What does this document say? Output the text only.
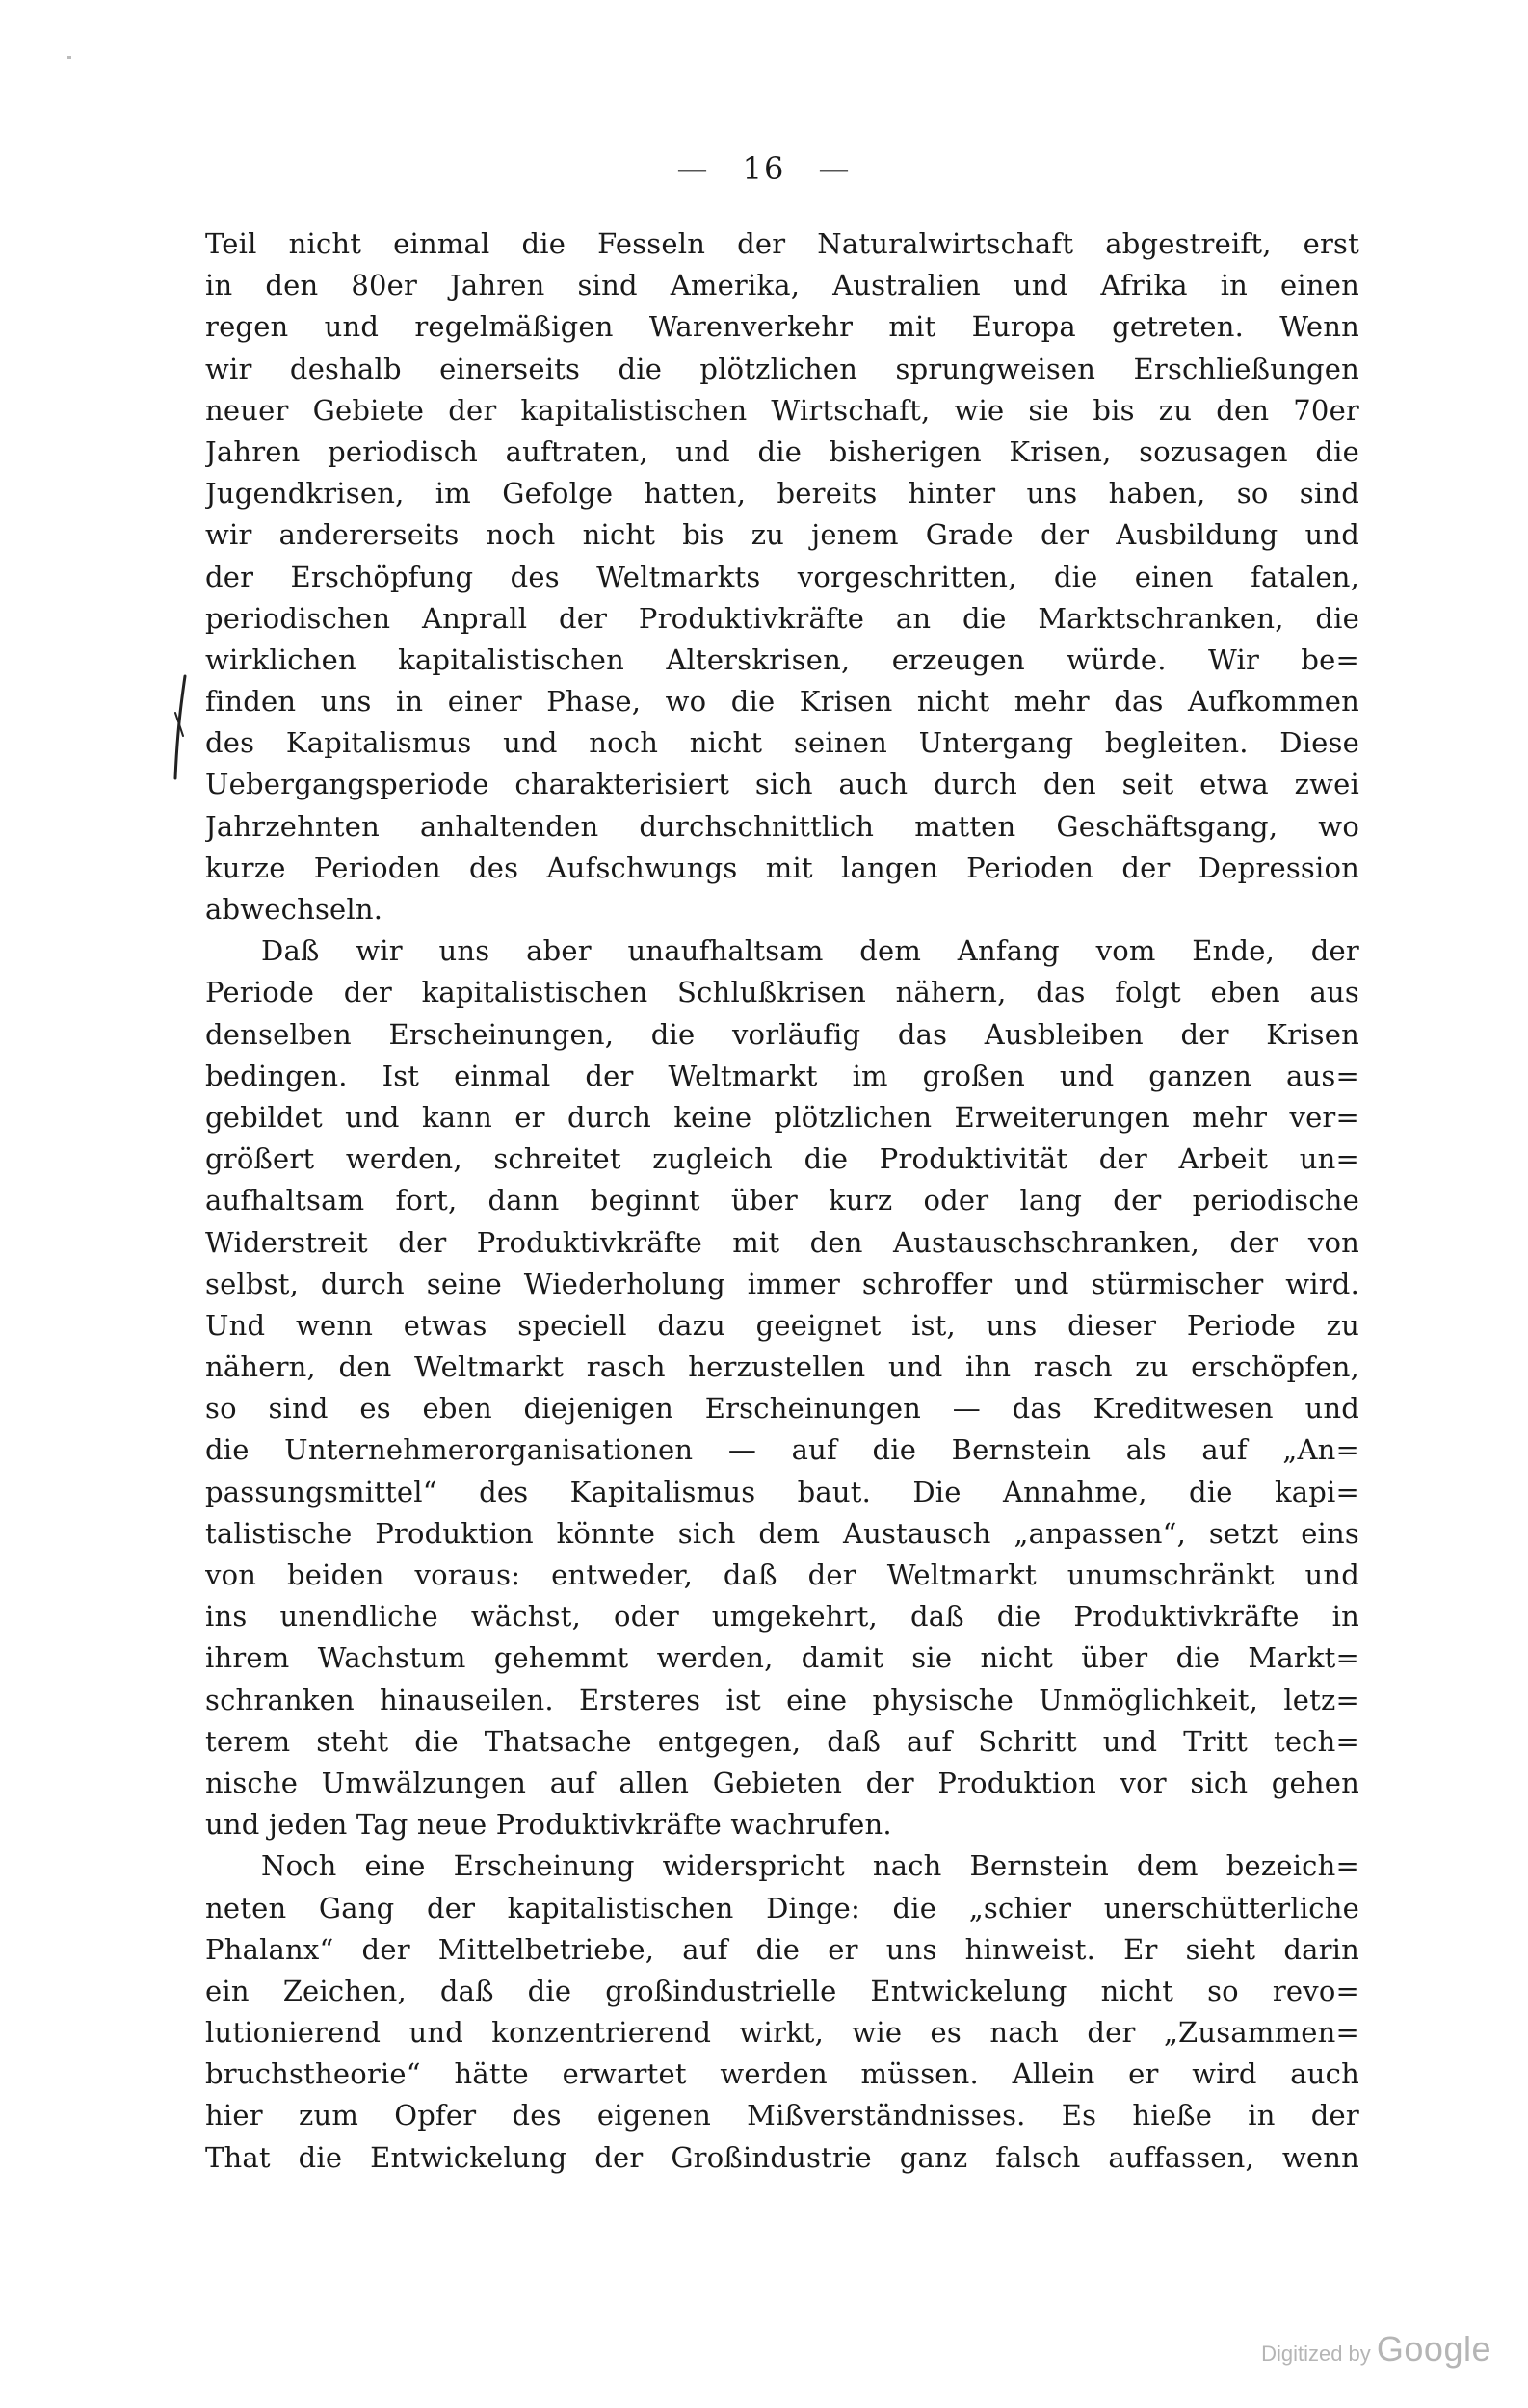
— 16 —
Teil nicht einmal die Fesseln der Naturalwirtschaft abgestreift, erst
in den 80er Jahren sind Amerika, Australien und Afrika in einen
regen und regelmäßigen Warenverkehr mit Europa getreten. Wenn
wir deshalb einerseits die plötzlichen sprungweisen Erschließungen
neuer Gebiete der kapitalistischen Wirtschaft, wie sie bis zu den 70er
Jahren periodisch auftraten, und die bisherigen Krisen, sozusagen die
Jugendkrisen, im Gefolge hatten, bereits hinter uns haben, so sind
wir andererseits noch nicht bis zu jenem Grade der Ausbildung und
der Erschöpfung des Weltmarkts vorgeschritten, die einen fatalen,
periodischen Anprall der Produktivkräfte an die Marktschranken, die
wirklichen kapitalistischen Alterskrisen, erzeugen würde. Wir be=
finden uns in einer Phase, wo die Krisen nicht mehr das Aufkommen
des Kapitalismus und noch nicht seinen Untergang begleiten. Diese
Uebergangsperiode charakterisiert sich auch durch den seit etwa zwei
Jahrzehnten anhaltenden durchschnittlich matten Geschäftsgang, wo
kurze Perioden des Aufschwungs mit langen Perioden der Depression
abwechseln.
Daß wir uns aber unaufhaltsam dem Anfang vom Ende, der
Periode der kapitalistischen Schlußkrisen nähern, das folgt eben aus
denselben Erscheinungen, die vorläufig das Ausbleiben der Krisen
bedingen. Ist einmal der Weltmarkt im großen und ganzen aus=
gebildet und kann er durch keine plötzlichen Erweiterungen mehr ver=
größert werden, schreitet zugleich die Produktivität der Arbeit un=
aufhaltsam fort, dann beginnt über kurz oder lang der periodische
Widerstreit der Produktivkräfte mit den Austauschschranken, der von
selbst, durch seine Wiederholung immer schroffer und stürmischer wird.
Und wenn etwas speciell dazu geeignet ist, uns dieser Periode zu
nähern, den Weltmarkt rasch herzustellen und ihn rasch zu erschöpfen,
so sind es eben diejenigen Erscheinungen — das Kreditwesen und
die Unternehmerorganisationen — auf die Bernstein als auf „An=
passungsmittel“ des Kapitalismus baut. Die Annahme, die kapi=
talistische Produktion könnte sich dem Austausch „anpassen“, setzt eins
von beiden voraus: entweder, daß der Weltmarkt unumschränkt und
ins unendliche wächst, oder umgekehrt, daß die Produktivkräfte in
ihrem Wachstum gehemmt werden, damit sie nicht über die Markt=
schranken hinauseilen. Ersteres ist eine physische Unmöglichkeit, letz=
terem steht die Thatsache entgegen, daß auf Schritt und Tritt tech=
nische Umwälzungen auf allen Gebieten der Produktion vor sich gehen
und jeden Tag neue Produktivkräfte wachrufen.
Noch eine Erscheinung widerspricht nach Bernstein dem bezeich=
neten Gang der kapitalistischen Dinge: die „schier unerschütterliche
Phalanx“ der Mittelbetriebe, auf die er uns hinweist. Er sieht darin
ein Zeichen, daß die großindustrielle Entwickelung nicht so revo=
lutionierend und konzentrierend wirkt, wie es nach der „Zusammen=
bruchstheorie“ hätte erwartet werden müssen. Allein er wird auch
hier zum Opfer des eigenen Mißverständnisses. Es hieße in der
That die Entwickelung der Großindustrie ganz falsch auffassen, wenn
Digitized by Google
